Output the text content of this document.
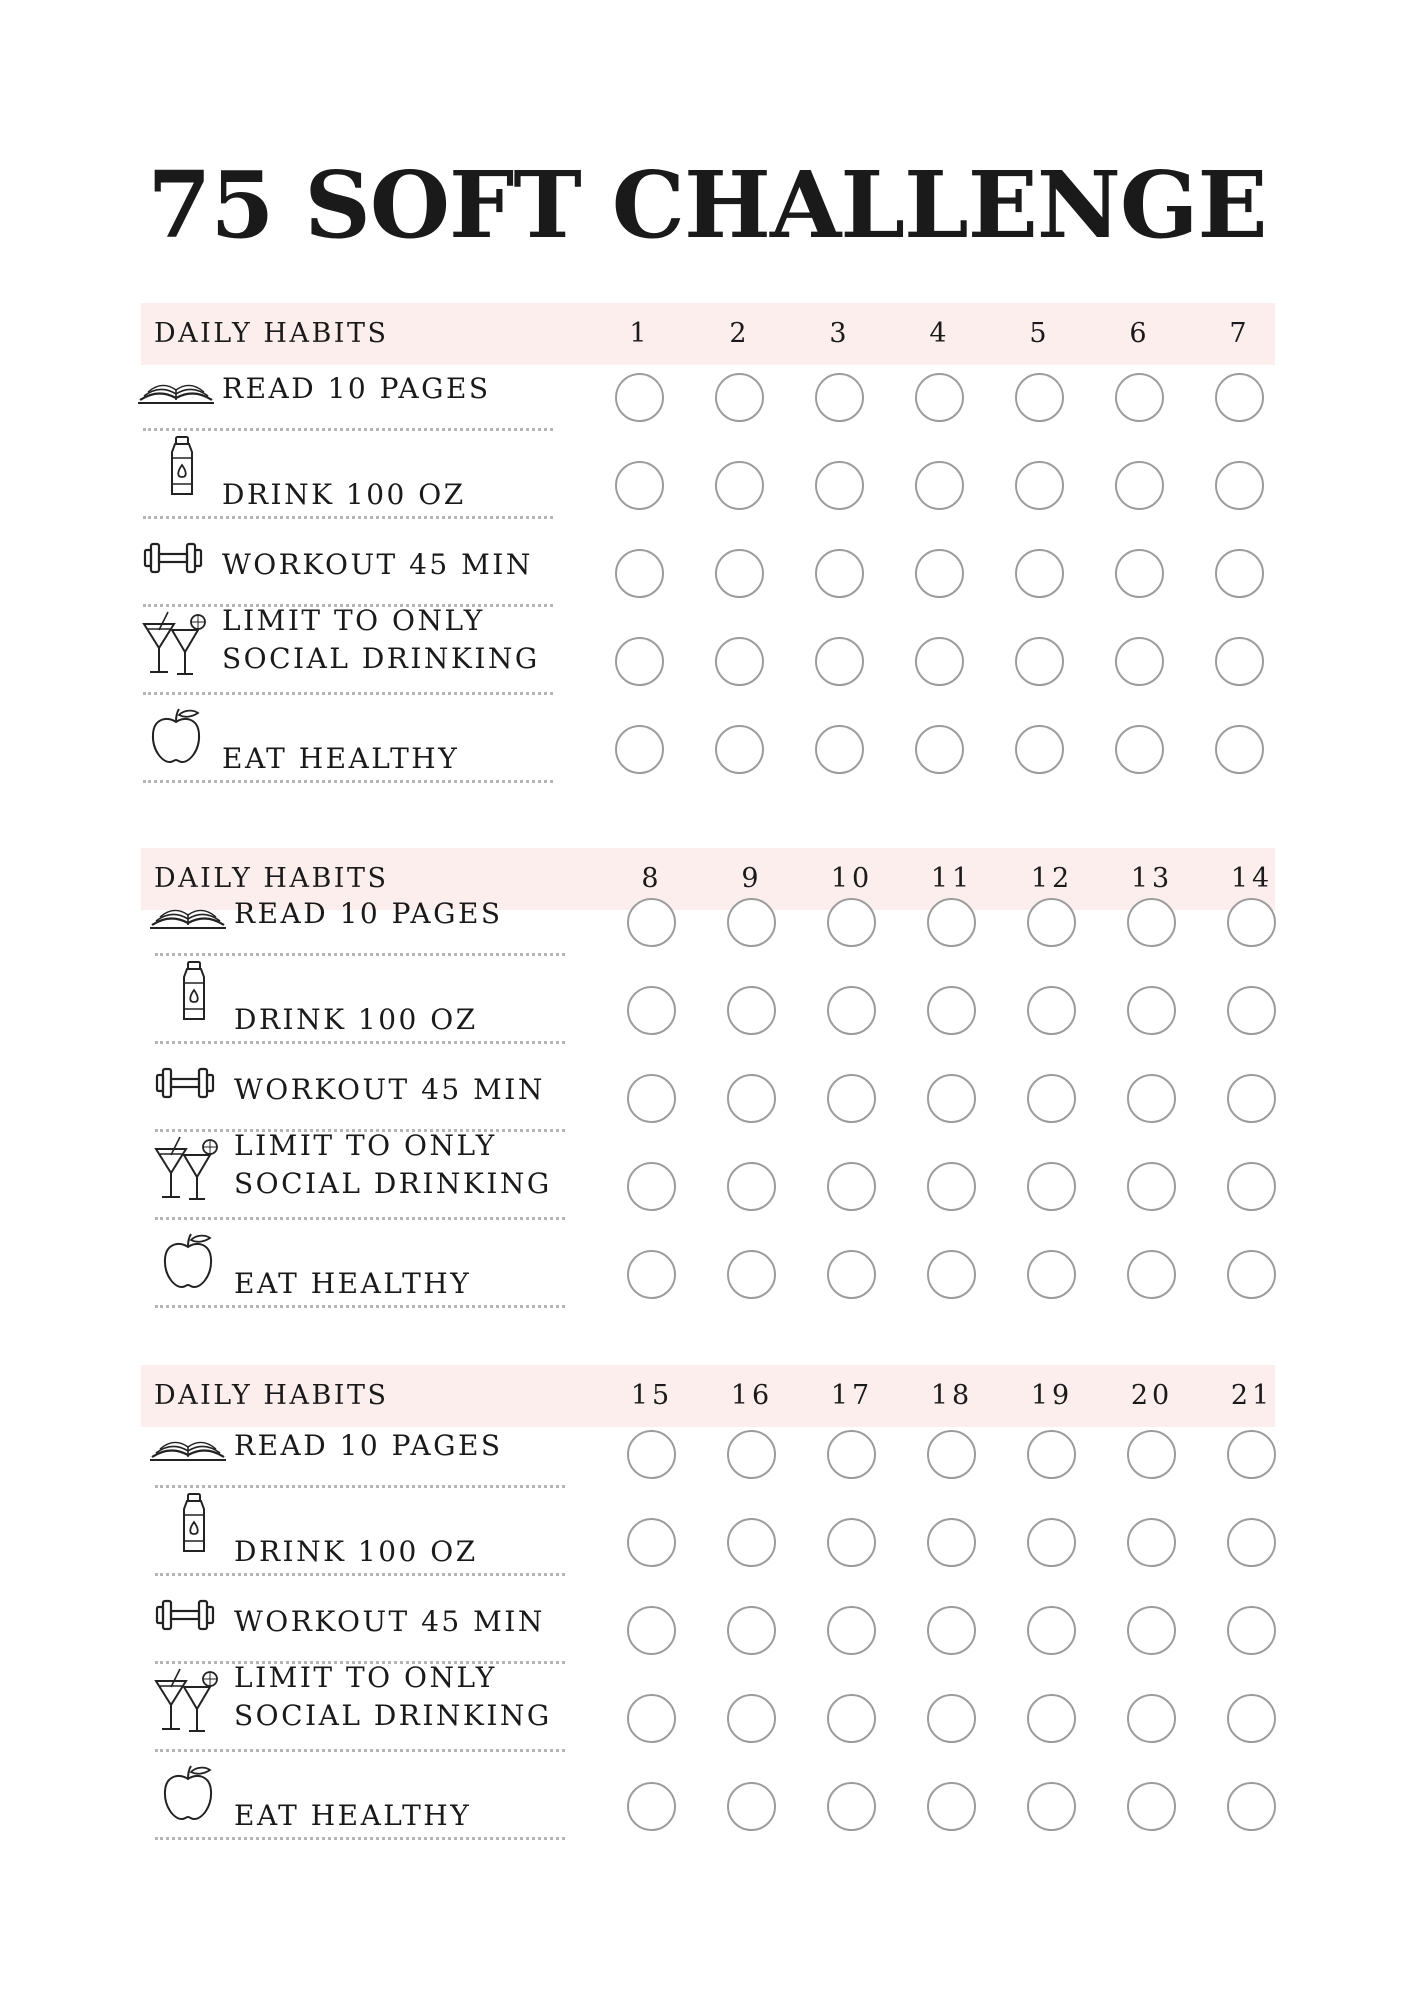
75 SOFT CHALLENGE
DAILY HABITS	1	2	3	4	5	6	7
READ 10 PAGES
DRINK 100 OZ
WORKOUT 45 MIN
LIMIT TO ONLY
SOCIAL DRINKING
EAT HEALTHY
DAILY HABITS	8	9	10	11	12	13	14
READ 10 PAGES
DRINK 100 OZ
WORKOUT 45 MIN
LIMIT TO ONLY
SOCIAL DRINKING
EAT HEALTHY
DAILY HABITS	15	16	17	18	19	20	21
READ 10 PAGES
DRINK 100 OZ
WORKOUT 45 MIN
LIMIT TO ONLY
SOCIAL DRINKING
EAT HEALTHY
